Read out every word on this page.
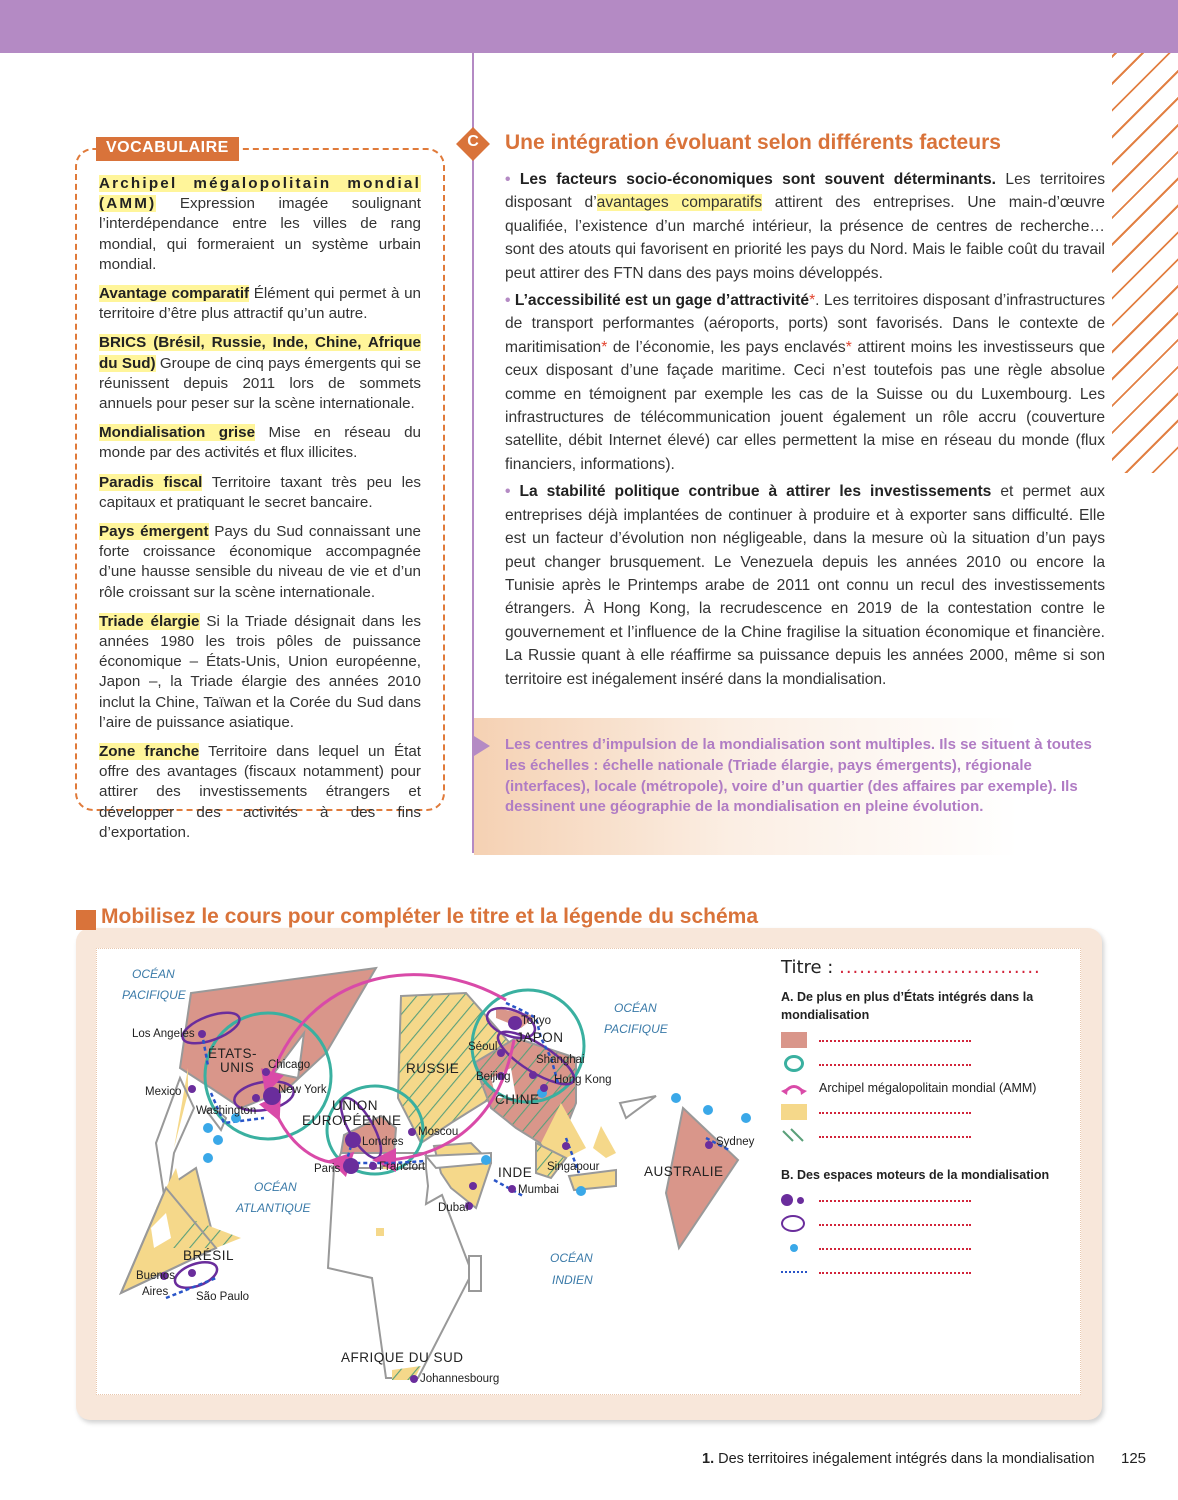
Archipel mégalopolitain mondial (AMM) Expression imagée soulignant l’interdépendance entre les villes de rang mondial, qui formeraient un système urbain mondial.

Avantage comparatif Élément qui permet à un territoire d’être plus attractif qu’un autre.

BRICS (Brésil, Russie, Inde, Chine, Afrique du Sud) Groupe de cinq pays émergents qui se réunissent depuis 2011 lors de sommets annuels pour peser sur la scène internationale.

Mondialisation grise Mise en réseau du monde par des activités et flux illicites.

Paradis fiscal Territoire taxant très peu les capitaux et pratiquant le secret bancaire.

Pays émergent Pays du Sud connaissant une forte croissance économique accompagnée d’une hausse sensible du niveau de vie et d’un rôle croissant sur la scène internationale.

Triade élargie Si la Triade désignait dans les années 1980 les trois pôles de puissance économique – États-Unis, Union européenne, Japon –, la Triade élargie des années 2010 inclut la Chine, Taïwan et la Corée du Sud dans l’aire de puissance asiatique.

Zone franche Territoire dans lequel un État offre des avantages (fiscaux notamment) pour attirer des investissements étrangers et développer des activités à des fins d’exportation.

VOCABULAIRE	C	Une intégration évoluant selon différents facteurs

• Les facteurs socio-économiques sont souvent déterminants. Les territoires disposant d’avantages comparatifs attirent des entreprises. Une main-d’œuvre qualifiée, l’existence d’un marché intérieur, la présence de centres de recherche… sont des atouts qui favorisent en priorité les pays du Nord. Mais le faible coût du travail peut attirer des FTN dans des pays moins développés.

• L’accessibilité est un gage d’attractivité*. Les territoires disposant d’infrastructures de transport performantes (aéroports, ports) sont favorisés. Dans le contexte de maritimisation* de l’économie, les pays enclavés* attirent moins les investisseurs que ceux disposant d’une façade maritime. Ceci n’est toutefois pas une règle absolue comme en témoignent par exemple les cas de la Suisse ou du Luxembourg. Les infrastructures de télécommunication jouent également un rôle accru (couverture satellite, débit Internet élevé) car elles permettent la mise en réseau du monde (flux financiers, informations).

• La stabilité politique contribue à attirer les investissements et permet aux entreprises déjà implantées de continuer à produire et à exporter sans difficulté. Elle est un facteur d’évolution non négligeable, dans la mesure où la situation d’un pays peut changer brusquement. Le Venezuela depuis les années 2010 ou encore la Tunisie après le Printemps arabe de 2011 ont connu un recul des investissements étrangers. À Hong Kong, la recrudescence en 2019 de la contestation contre le gouvernement et l’influence de la Chine fragilise la situation économique et financière. La Russie quant à elle réaffirme sa puissance depuis les années 2000, même si son territoire est inégalement inséré dans la mondialisation.

Les centres d’impulsion de la mondialisation sont multiples. Ils se situent à toutes les échelles : échelle nationale (Triade élargie, pays émergents), régionale (interfaces), locale (métropole), voire d’un quartier (des affaires par exemple). Ils dessinent une géographie de la mondialisation en pleine évolution.
Mobilisez le cours pour compléter le titre et la légende du schéma
OCÉAN
PACIFIQUE
OCÉAN
ATLANTIQUE
OCÉAN
INDIEN
OCÉAN
PACIFIQUE
ÉTATS-
UNIS
UNION
EUROPÉENNE
RUSSIE
JAPON
CHINE
INDE	AUSTRALIE
BRÉSIL
AFRIQUE DU SUD
Los Angeles
Chicago
New York
Washington
Mexico
Londres
Paris	Francfort
Moscou
Tokyo
Séoul
Beijing
Shanghai
Hong Kong
Singapour
Mumbai
Dubaï
Sydney
Buenos
Aires São Paulo
Johannesbourg
Titre : ..............................
A. De plus en plus d’États intégrés dans la mondialisation
Archipel mégalopolitain mondial (AMM)
B. Des espaces moteurs de la mondialisation
1. Des territoires inégalement intégrés dans la mondialisation 125
